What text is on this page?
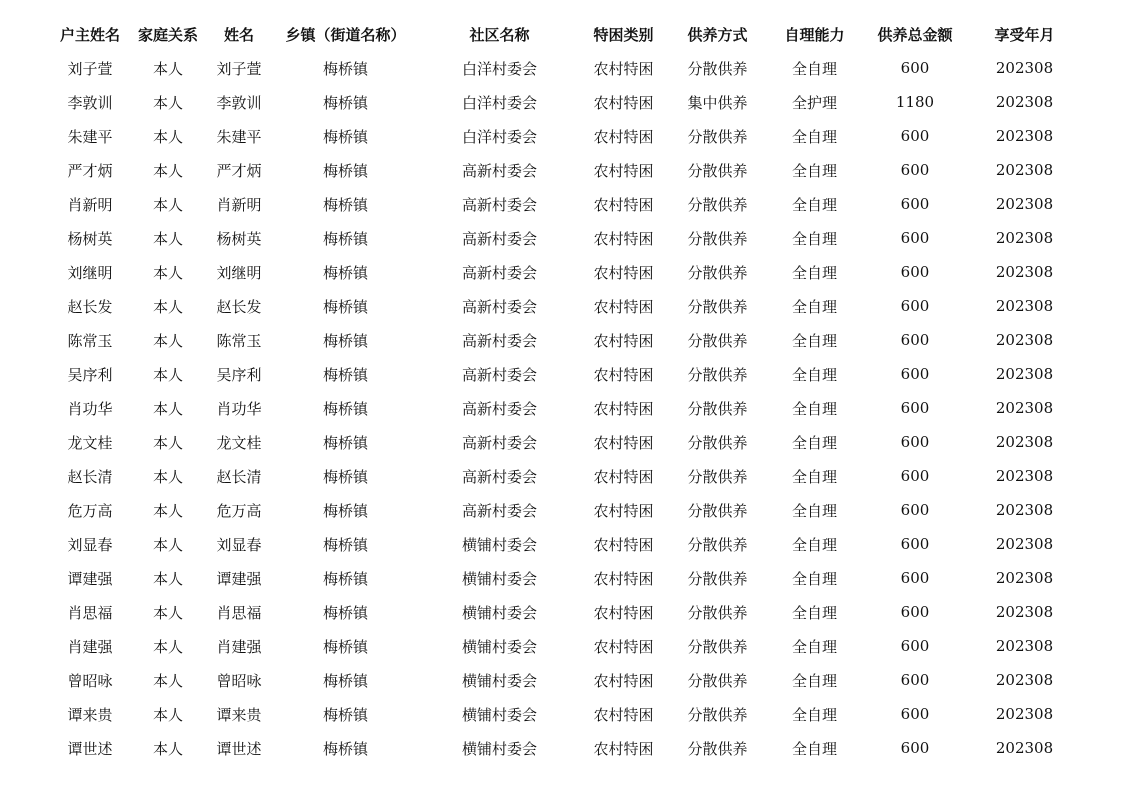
户主姓名	家庭关系	姓名	乡镇（街道名称）	社区名称	特困类别	供养方式	自理能力	供养总金额	享受年月
刘子萱	本人	刘子萱	梅桥镇	白洋村委会	农村特困	分散供养	全自理	600	202308
李敦训	本人	李敦训	梅桥镇	白洋村委会	农村特困	集中供养	全护理	1180	202308
朱建平	本人	朱建平	梅桥镇	白洋村委会	农村特困	分散供养	全自理	600	202308
严才炳	本人	严才炳	梅桥镇	高新村委会	农村特困	分散供养	全自理	600	202308
肖新明	本人	肖新明	梅桥镇	高新村委会	农村特困	分散供养	全自理	600	202308
杨树英	本人	杨树英	梅桥镇	高新村委会	农村特困	分散供养	全自理	600	202308
刘继明	本人	刘继明	梅桥镇	高新村委会	农村特困	分散供养	全自理	600	202308
赵长发	本人	赵长发	梅桥镇	高新村委会	农村特困	分散供养	全自理	600	202308
陈常玉	本人	陈常玉	梅桥镇	高新村委会	农村特困	分散供养	全自理	600	202308
吴序利	本人	吴序利	梅桥镇	高新村委会	农村特困	分散供养	全自理	600	202308
肖功华	本人	肖功华	梅桥镇	高新村委会	农村特困	分散供养	全自理	600	202308
龙文桂	本人	龙文桂	梅桥镇	高新村委会	农村特困	分散供养	全自理	600	202308
赵长清	本人	赵长清	梅桥镇	高新村委会	农村特困	分散供养	全自理	600	202308
危万高	本人	危万高	梅桥镇	高新村委会	农村特困	分散供养	全自理	600	202308
刘显春	本人	刘显春	梅桥镇	横铺村委会	农村特困	分散供养	全自理	600	202308
谭建强	本人	谭建强	梅桥镇	横铺村委会	农村特困	分散供养	全自理	600	202308
肖思福	本人	肖思福	梅桥镇	横铺村委会	农村特困	分散供养	全自理	600	202308
肖建强	本人	肖建强	梅桥镇	横铺村委会	农村特困	分散供养	全自理	600	202308
曾昭咏	本人	曾昭咏	梅桥镇	横铺村委会	农村特困	分散供养	全自理	600	202308
谭来贵	本人	谭来贵	梅桥镇	横铺村委会	农村特困	分散供养	全自理	600	202308
谭世述	本人	谭世述	梅桥镇	横铺村委会	农村特困	分散供养	全自理	600	202308
